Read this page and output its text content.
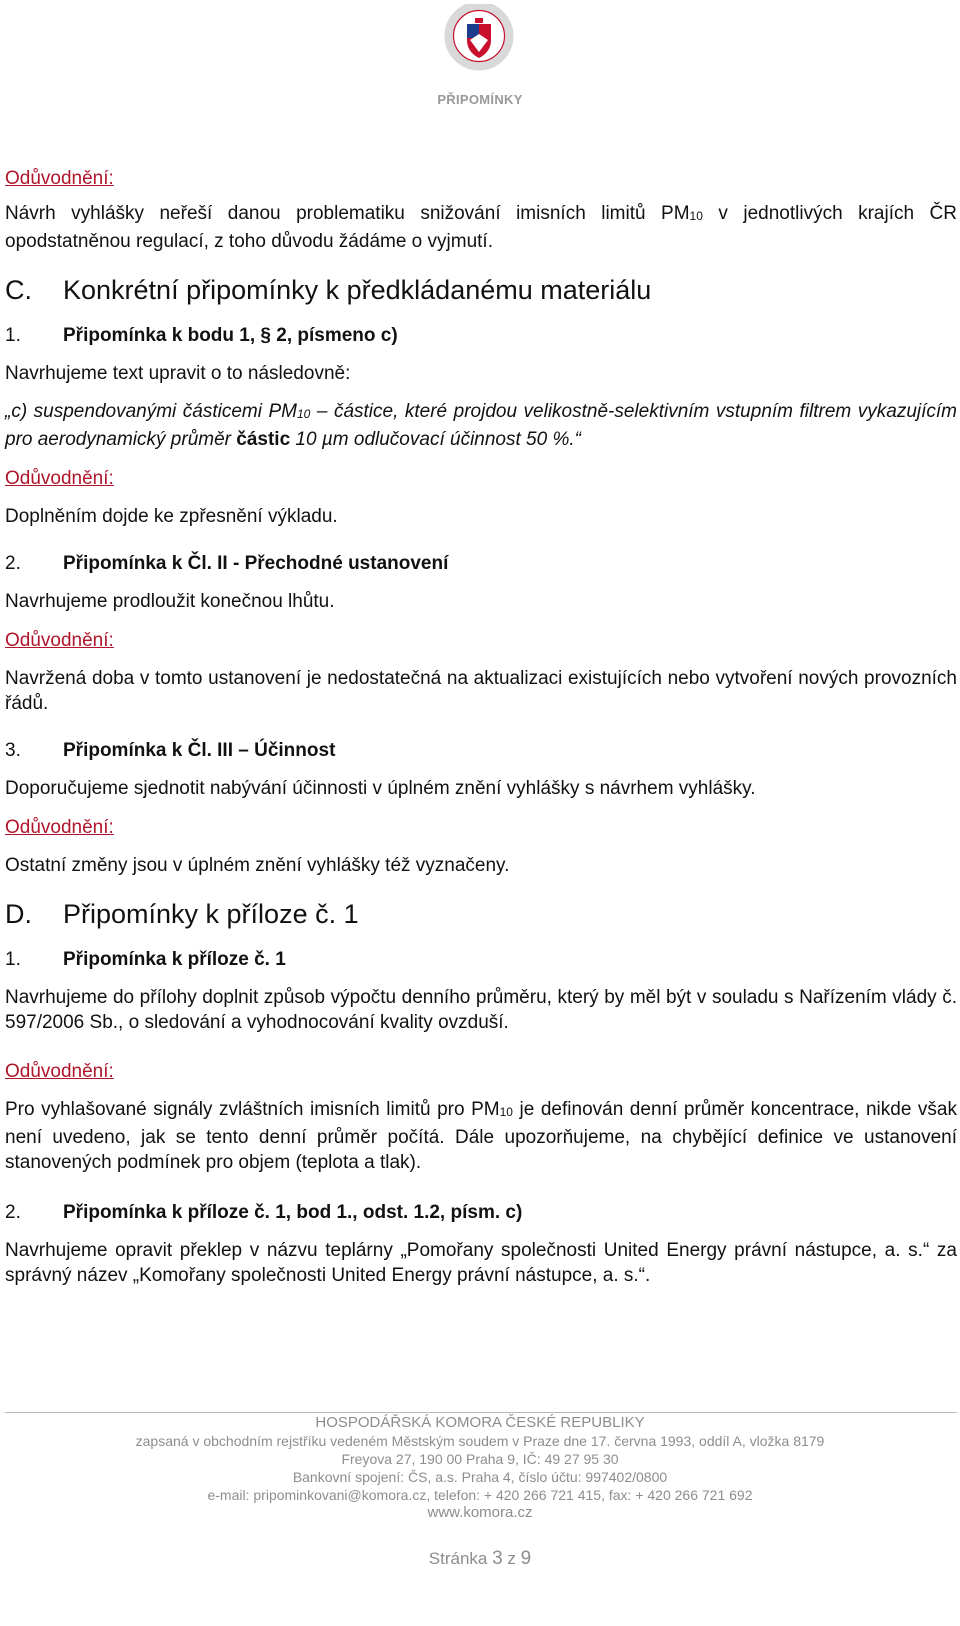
PŘIPOMÍNKY

Odůvodnění:

Návrh vyhlášky neřeší danou problematiku snižování imisních limitů $PM_{10}$ v jednotlivých krajích ČR opodstatněnou regulací, z toho důvodu žádáme o vyjmutí.

C.	Konkrétní připomínky k předkládanému materiálu
1.	Připomínka k bodu 1, § 2, písmeno c)

Navrhujeme text upravit o to následovně:

„c) suspendovanými částicemi $PM_{10}$ – částice, které projdou velikostně-selektivním vstupním filtrem vykazujícím pro aerodynamický průměr částic 10 µm odlučovací účinnost 50 %.“

Odůvodnění:

Doplněním dojde ke zpřesnění výkladu.

2.	Připomínka k Čl. II - Přechodné ustanovení

Navrhujeme prodloužit konečnou lhůtu.

Odůvodnění:

Navržená doba v tomto ustanovení je nedostatečná na aktualizaci existujících nebo vytvoření nových provozních řádů.

3.	Připomínka k Čl. III – Účinnost

Doporučujeme sjednotit nabývání účinnosti v úplném znění vyhlášky s návrhem vyhlášky.

Odůvodnění:

Ostatní změny jsou v úplném znění vyhlášky též vyznačeny.

D.	Připomínky k příloze č. 1
1.	Připomínka k příloze č. 1

Navrhujeme do přílohy doplnit způsob výpočtu denního průměru, který by měl být v souladu s Nařízením vlády č. 597/2006 Sb., o sledování a vyhodnocování kvality ovzduší.

Odůvodnění:

Pro vyhlašované signály zvláštních imisních limitů pro $PM_{10}$ je definován denní průměr koncentrace, nikde však není uvedeno, jak se tento denní průměr počítá. Dále upozorňujeme, na chybějící definice ve ustanovení stanovených podmínek pro objem (teplota a tlak).

2.	Připomínka k příloze č. 1, bod 1., odst. 1.2, písm. c)

Navrhujeme opravit překlep v názvu teplárny „Pomořany společnosti United Energy právní nástupce, a. s.“ za správný název „Komořany společnosti United Energy právní nástupce, a. s.“.

HOSPODÁŘSKÁ KOMORA ČESKÉ REPUBLIKY
zapsaná v obchodním rejstříku vedeném Městským soudem v Praze dne 17. června 1993, oddíl A, vložka 8179
Freyova 27, 190 00 Praha 9, IČ: 49 27 95 30
Bankovní spojení: ČS, a.s. Praha 4, číslo účtu: 997402/0800
e-mail: pripominkovani@komora.cz, telefon: + 420 266 721 415, fax: + 420 266 721 692
www.komora.cz
Stránka 3 z 9
